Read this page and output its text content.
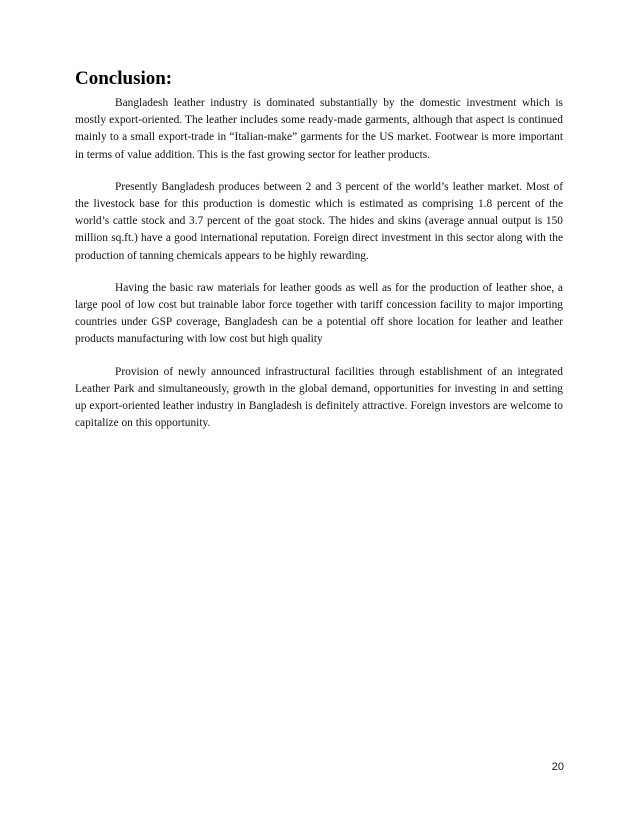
Conclusion:

Bangladesh leather industry is dominated substantially by the domestic investment which is mostly export-oriented. The leather includes some ready-made garments, although that aspect is continued mainly to a small export-trade in “Italian-make” garments for the US market. Footwear is more important in terms of value addition. This is the fast growing sector for leather products.

Presently Bangladesh produces between 2 and 3 percent of the world’s leather market. Most of the livestock base for this production is domestic which is estimated as comprising 1.8 percent of the world’s cattle stock and 3.7 percent of the goat stock. The hides and skins (average annual output is 150 million sq.ft.) have a good international reputation. Foreign direct investment in this sector along with the production of tanning chemicals appears to be highly rewarding.

Having the basic raw materials for leather goods as well as for the production of leather shoe, a large pool of low cost but trainable labor force together with tariff concession facility to major importing countries under GSP coverage, Bangladesh can be a potential off shore location for leather and leather products manufacturing with low cost but high quality

Provision of newly announced infrastructural facilities through establishment of an integrated Leather Park and simultaneously, growth in the global demand, opportunities for investing in and setting up export-oriented leather industry in Bangladesh is definitely attractive. Foreign investors are welcome to capitalize on this opportunity.

20
